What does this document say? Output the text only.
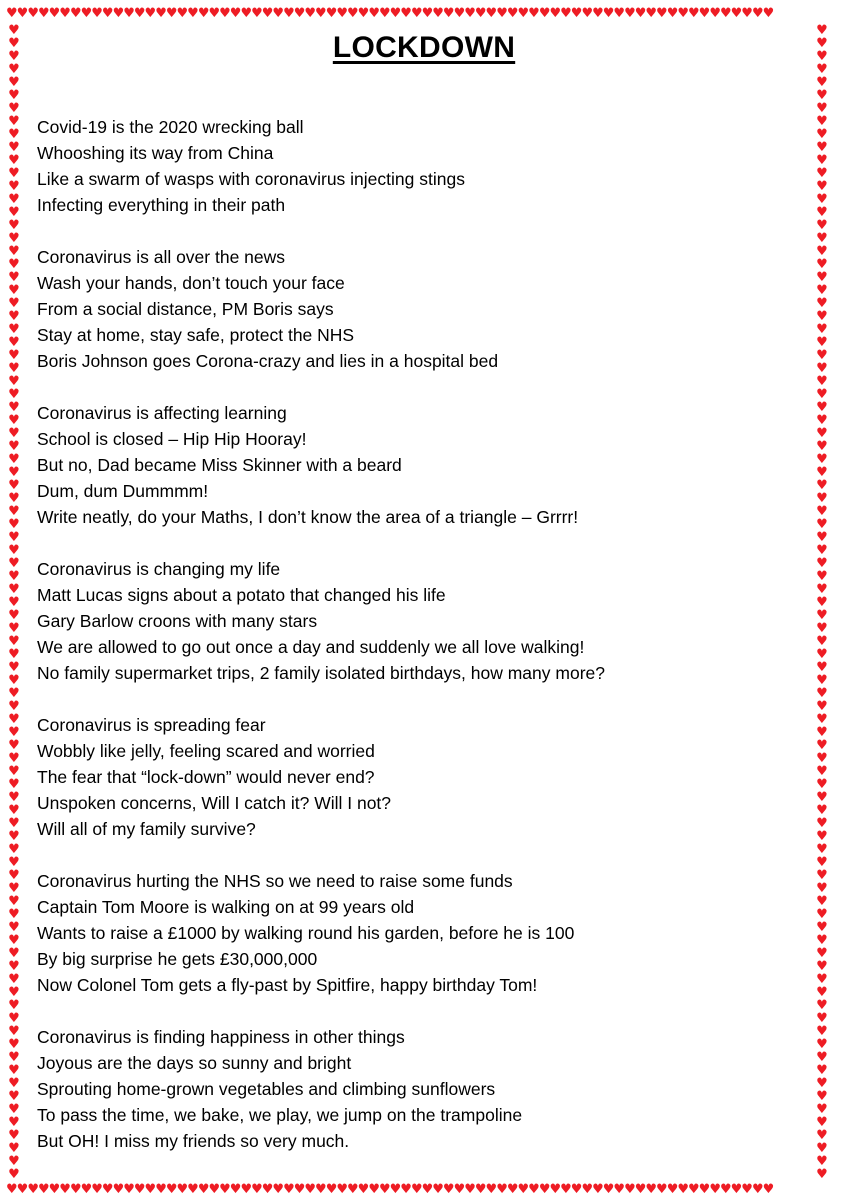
♥♥♥♥♥♥♥♥♥♥♥♥♥♥♥♥♥♥♥♥♥♥♥♥♥♥♥♥♥♥♥♥♥♥♥♥♥♥♥♥♥♥♥♥♥♥♥♥♥♥♥♥♥♥♥♥♥♥♥♥♥♥♥♥♥♥♥♥♥♥♥♥
♥
♥
♥
♥
♥
♥
♥
♥
♥
♥
♥
♥
♥
♥
♥
♥
♥
♥
♥
♥
♥
♥
♥
♥
♥
♥
♥
♥
♥
♥
♥
♥
♥
♥
♥
♥
♥
♥
♥
♥
♥
♥
♥
♥
♥
♥
♥
♥
♥
♥
♥
♥
♥
♥
♥
♥
♥
♥
♥
♥
♥
♥
♥
♥
♥
♥
♥
♥
♥
♥
♥
♥
♥
♥
♥
♥
♥
♥
♥
♥
♥
♥
♥
♥
♥
♥
♥
♥
♥
♥
♥
♥
♥
♥
♥
♥
♥
♥
♥
♥
♥
♥
♥
♥
♥
♥
♥
♥
♥
♥
♥
♥
♥
♥
♥
♥
♥
♥
♥
♥
♥
♥
♥
♥
♥
♥
♥
♥
♥
♥
♥
♥
♥
♥
♥
♥
♥
♥
♥
♥
♥
♥
♥
♥
♥
♥
♥
♥
♥
♥
♥
♥
♥
♥
♥
♥
♥
♥
♥
♥
♥
♥
♥
♥
♥
♥
♥
♥
♥
♥
♥
♥
♥
♥
♥
♥
♥
♥
♥♥♥♥♥♥♥♥♥♥♥♥♥♥♥♥♥♥♥♥♥♥♥♥♥♥♥♥♥♥♥♥♥♥♥♥♥♥♥♥♥♥♥♥♥♥♥♥♥♥♥♥♥♥♥♥♥♥♥♥♥♥♥♥♥♥♥♥♥♥♥♥
LOCKDOWN
Covid-19 is the 2020 wrecking ball
Whooshing its way from China
Like a swarm of wasps with coronavirus injecting stings
Infecting everything in their path
Coronavirus is all over the news
Wash your hands, don’t touch your face
From a social distance, PM Boris says
Stay at home, stay safe, protect the NHS
Boris Johnson goes Corona-crazy and lies in a hospital bed
Coronavirus is affecting learning
School is closed – Hip Hip Hooray!
But no, Dad became Miss Skinner with a beard
Dum, dum Dummmm!
Write neatly, do your Maths, I don’t know the area of a triangle – Grrrr!
Coronavirus is changing my life
Matt Lucas signs about a potato that changed his life
Gary Barlow croons with many stars
We are allowed to go out once a day and suddenly we all love walking!
No family supermarket trips, 2 family isolated birthdays, how many more?
Coronavirus is spreading fear
Wobbly like jelly, feeling scared and worried
The fear that “lock-down” would never end?
Unspoken concerns, Will I catch it? Will I not?
Will all of my family survive?
Coronavirus hurting the NHS so we need to raise some funds
Captain Tom Moore is walking on at 99 years old
Wants to raise a £1000 by walking round his garden, before he is 100
By big surprise he gets £30,000,000
Now Colonel Tom gets a fly-past by Spitfire, happy birthday Tom!
Coronavirus is finding happiness in other things
Joyous are the days so sunny and bright
Sprouting home-grown vegetables and climbing sunflowers
To pass the time, we bake, we play, we jump on the trampoline
But OH! I miss my friends so very much.
